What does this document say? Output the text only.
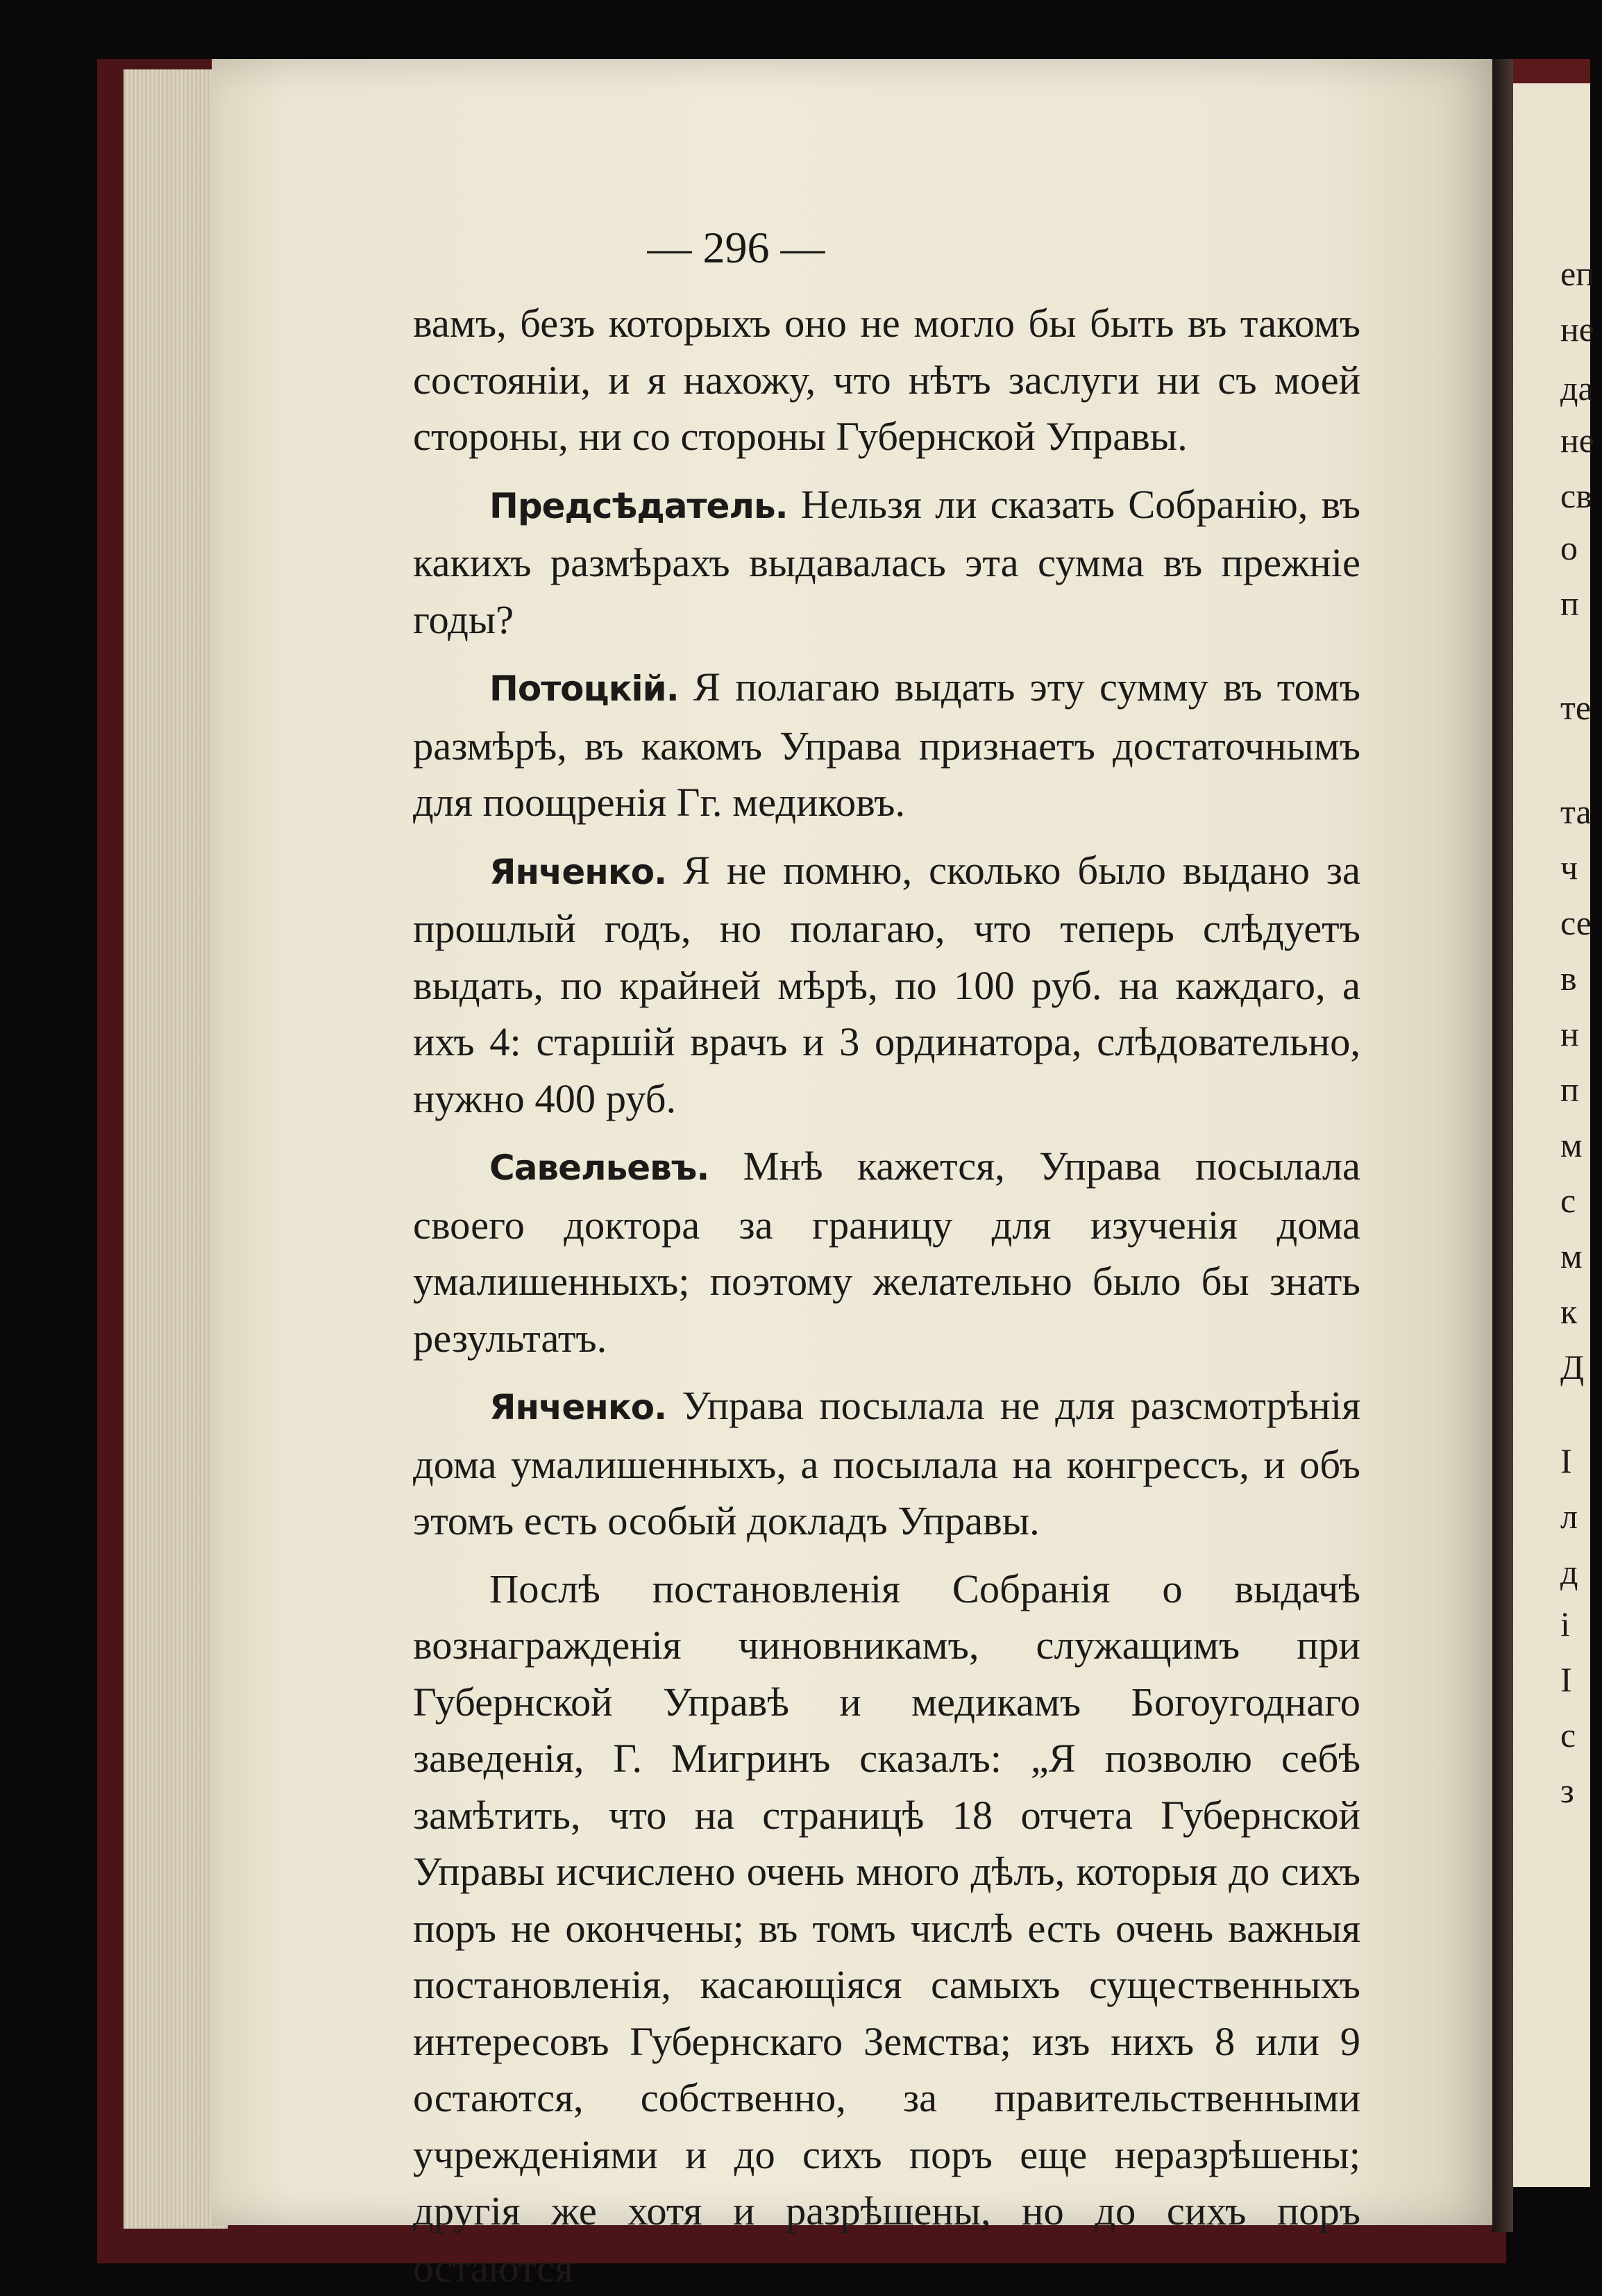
еп
не
да
не
св
о
п
те
та
ч
се
в
н
п
м
с
м
к
Д
I
л
д
і
I
с
з
— 296 —

вамъ, безъ которыхъ оно не могло бы быть въ такомъ состояніи, и я нахожу, что нѣтъ заслуги ни съ моей стороны, ни со стороны Губернской Управы.

Предсѣдатель. Нельзя ли сказать Собранію, въ какихъ размѣрахъ выдавалась эта сумма въ прежніе годы?

Потоцкій. Я полагаю выдать эту сумму въ томъ размѣрѣ, въ какомъ Управа признаетъ достаточнымъ для поощренія Гг. медиковъ.

Янченко. Я не помню, сколько было выдано за прошлый годъ, но полагаю, что теперь слѣдуетъ выдать, по крайней мѣрѣ, по 100 руб. на каждаго, а ихъ 4: старшій врачъ и 3 ординатора, слѣдовательно, нужно 400 руб.

Савельевъ. Мнѣ кажется, Управа посылала своего доктора за границу для изученія дома умалишенныхъ; поэтому желательно было бы знать результатъ.

Янченко. Управа посылала не для разсмотрѣнія дома умалишенныхъ, а посылала на конгрессъ, и объ этомъ есть особый докладъ Управы.

Послѣ постановленія Собранія о выдачѣ вознагражденія чиновникамъ, служащимъ при Губернской Управѣ и медикамъ Богоугоднаго заведенія, Г. Мигринъ сказалъ: „Я позволю себѣ замѣтить, что на страницѣ 18 отчета Губернской Управы исчислено очень много дѣлъ, которыя до сихъ поръ не окончены; въ томъ числѣ есть очень важныя постановленія, касающіяся самыхъ существенныхъ интересовъ Губернскаго Земства; изъ нихъ 8 или 9 остаются, собственно, за правительственными учрежденіями и до сихъ поръ еще неразрѣшены; другія же хотя и разрѣшены, но до сихъ поръ остаются
